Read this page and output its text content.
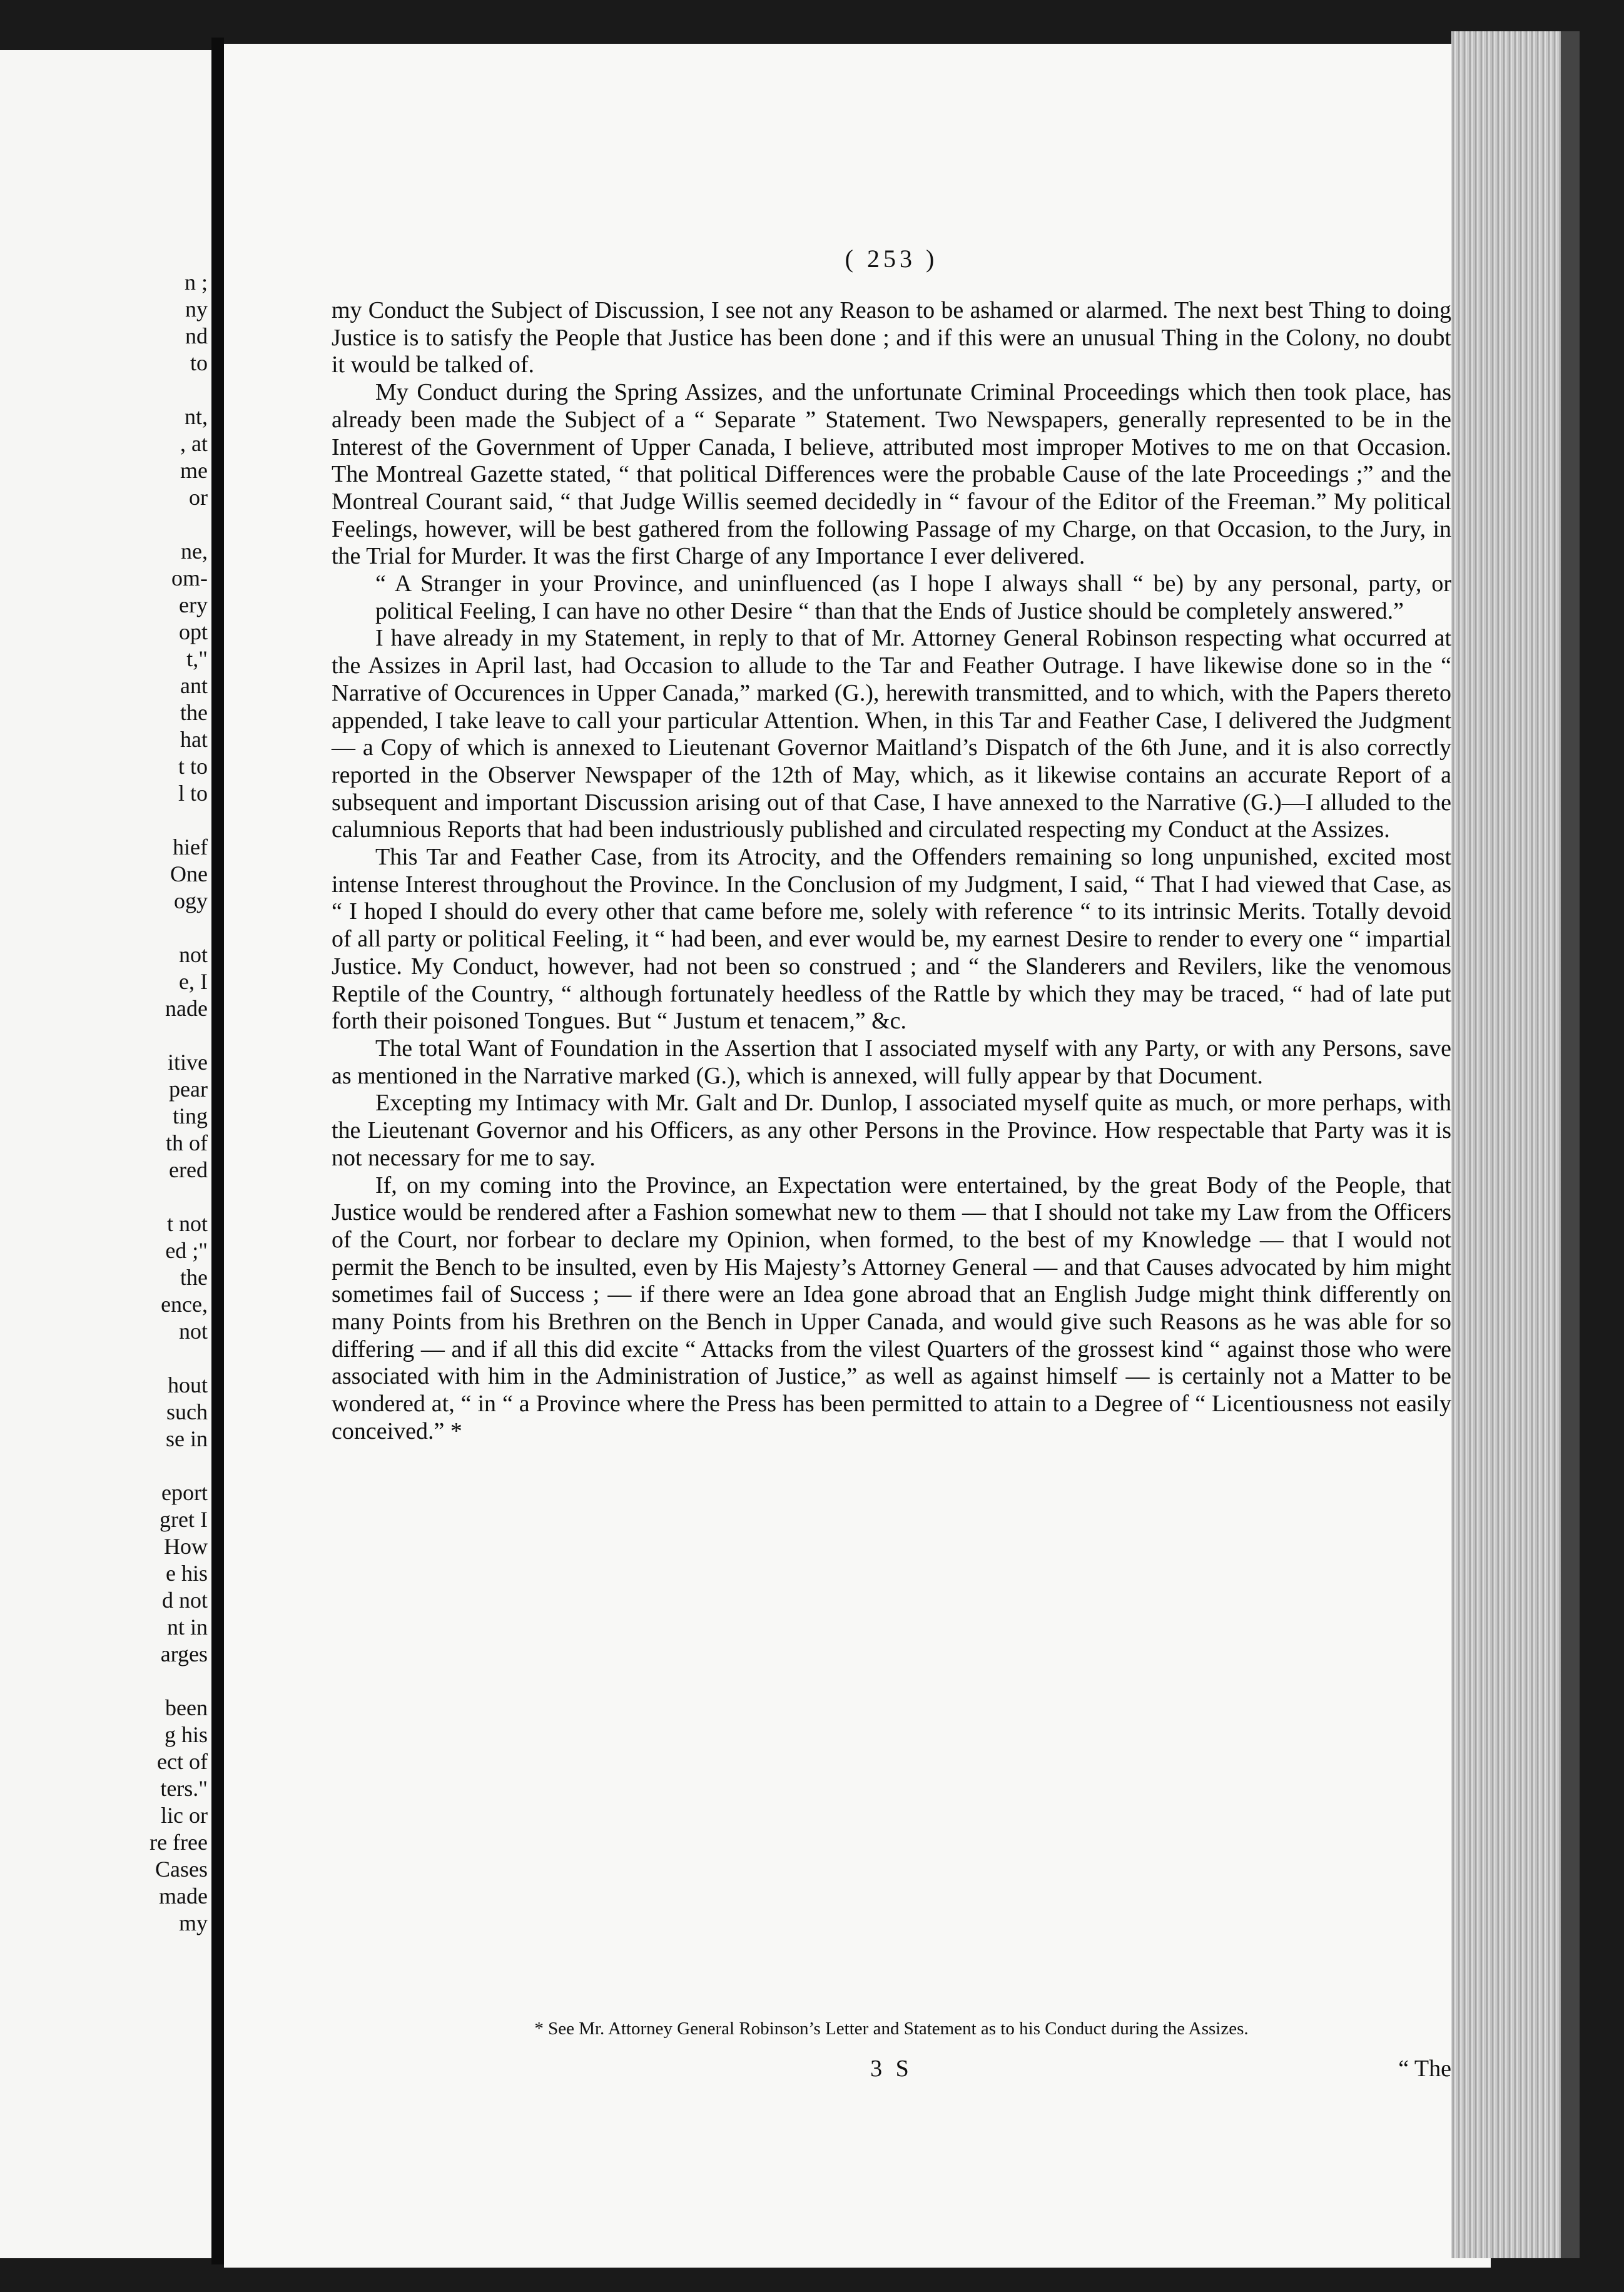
n ;
ny
nd
to
nt,
, at
me
or
ne,
om-
ery
opt
t,"
ant
the
hat
t to
l to
hief
One
ogy
not
e, I
nade
itive
pear
ting
th of
ered
t not
ed ;"
the
ence,
not
hout
such
se in
eport
gret I
How
e his
d not
nt in
arges
been
g his
ect of
ters."
lic or
re free
Cases
made
my
( 253 )

my Conduct the Subject of Discussion, I see not any Reason to be ashamed or alarmed. The next best Thing to doing Justice is to satisfy the People that Justice has been done ; and if this were an unusual Thing in the Colony, no doubt it would be talked of.

My Conduct during the Spring Assizes, and the unfortunate Criminal Proceedings which then took place, has already been made the Subject of a “ Separate ” Statement. Two Newspapers, generally represented to be in the Interest of the Government of Upper Canada, I believe, attributed most improper Motives to me on that Occasion. The Montreal Gazette stated, “ that political Differences were the probable Cause of the late Proceedings ;” and the Montreal Courant said, “ that Judge Willis seemed decidedly in “ favour of the Editor of the Freeman.” My political Feelings, however, will be best gathered from the following Passage of my Charge, on that Occasion, to the Jury, in the Trial for Murder. It was the first Charge of any Importance I ever delivered.

“ A Stranger in your Province, and uninfluenced (as I hope I always shall “ be) by any personal, party, or political Feeling, I can have no other Desire “ than that the Ends of Justice should be completely answered.”

I have already in my Statement, in reply to that of Mr. Attorney General Robinson respecting what occurred at the Assizes in April last, had Occasion to allude to the Tar and Feather Outrage. I have likewise done so in the “ Narrative of Occurences in Upper Canada,” marked (G.), herewith transmitted, and to which, with the Papers thereto appended, I take leave to call your particular Attention. When, in this Tar and Feather Case, I delivered the Judgment — a Copy of which is annexed to Lieutenant Governor Maitland’s Dispatch of the 6th June, and it is also correctly reported in the Observer Newspaper of the 12th of May, which, as it likewise contains an accurate Report of a subsequent and important Discussion arising out of that Case, I have annexed to the Narrative (G.)—I alluded to the calumnious Reports that had been industriously published and circulated respecting my Conduct at the Assizes.

This Tar and Feather Case, from its Atrocity, and the Offenders remaining so long unpunished, excited most intense Interest throughout the Province. In the Conclusion of my Judgment, I said, “ That I had viewed that Case, as “ I hoped I should do every other that came before me, solely with reference “ to its intrinsic Merits. Totally devoid of all party or political Feeling, it “ had been, and ever would be, my earnest Desire to render to every one “ impartial Justice. My Conduct, however, had not been so construed ; and “ the Slanderers and Revilers, like the venomous Reptile of the Country, “ although fortunately heedless of the Rattle by which they may be traced, “ had of late put forth their poisoned Tongues. But “ Justum et tenacem,” &c.

The total Want of Foundation in the Assertion that I associated myself with any Party, or with any Persons, save as mentioned in the Narrative marked (G.), which is annexed, will fully appear by that Document.

Excepting my Intimacy with Mr. Galt and Dr. Dunlop, I associated myself quite as much, or more perhaps, with the Lieutenant Governor and his Officers, as any other Persons in the Province. How respectable that Party was it is not necessary for me to say.

If, on my coming into the Province, an Expectation were entertained, by the great Body of the People, that Justice would be rendered after a Fashion somewhat new to them — that I should not take my Law from the Officers of the Court, nor forbear to declare my Opinion, when formed, to the best of my Knowledge — that I would not permit the Bench to be insulted, even by His Majesty’s Attorney General — and that Causes advocated by him might sometimes fail of Success ; — if there were an Idea gone abroad that an English Judge might think differently on many Points from his Brethren on the Bench in Upper Canada, and would give such Reasons as he was able for so differing — and if all this did excite “ Attacks from the vilest Quarters of the grossest kind “ against those who were associated with him in the Administration of Justice,” as well as against himself — is certainly not a Matter to be wondered at, “ in “ a Province where the Press has been permitted to attain to a Degree of “ Licentiousness not easily conceived.” *

* See Mr. Attorney General Robinson’s Letter and Statement as to his Conduct during the Assizes.
3 S	“ The
